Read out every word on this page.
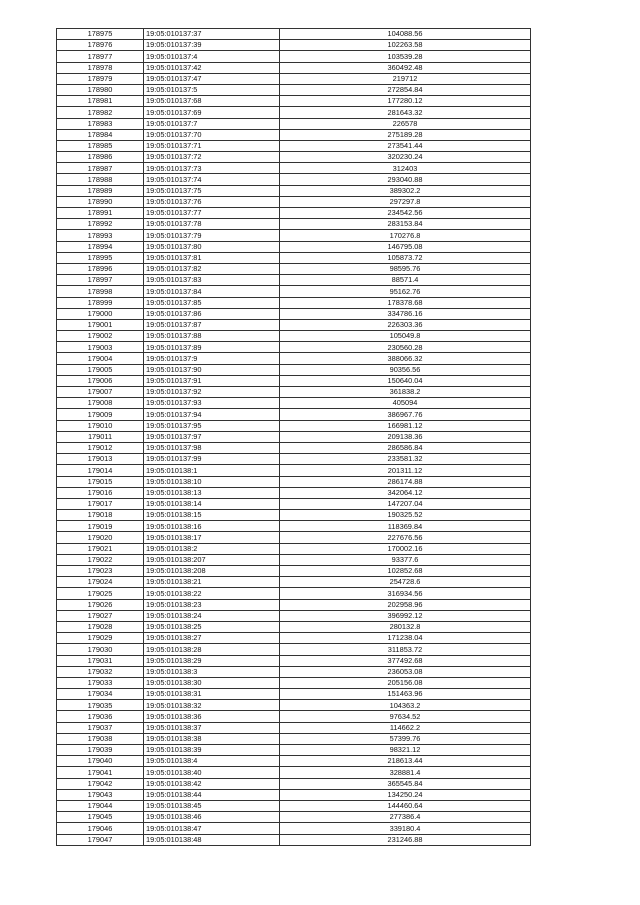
178975	19:05:010137:37	104088.56
178976	19:05:010137:39	102263.58
178977	19:05:010137:4	103539.28
178978	19:05:010137:42	360492.48
178979	19:05:010137:47	219712
178980	19:05:010137:5	272854.84
178981	19:05:010137:68	177280.12
178982	19:05:010137:69	281643.32
178983	19:05:010137:7	226578
178984	19:05:010137:70	275189.28
178985	19:05:010137:71	273541.44
178986	19:05:010137:72	320230.24
178987	19:05:010137:73	312403
178988	19:05:010137:74	293040.88
178989	19:05:010137:75	389302.2
178990	19:05:010137:76	297297.8
178991	19:05:010137:77	234542.56
178992	19:05:010137:78	283153.84
178993	19:05:010137:79	170276.8
178994	19:05:010137:80	146795.08
178995	19:05:010137:81	105873.72
178996	19:05:010137:82	98595.76
178997	19:05:010137:83	88571.4
178998	19:05:010137:84	95162.76
178999	19:05:010137:85	178378.68
179000	19:05:010137:86	334786.16
179001	19:05:010137:87	226303.36
179002	19:05:010137:88	105049.8
179003	19:05:010137:89	230560.28
179004	19:05:010137:9	388066.32
179005	19:05:010137:90	90356.56
179006	19:05:010137:91	150640.04
179007	19:05:010137:92	361838.2
179008	19:05:010137:93	405094
179009	19:05:010137:94	386967.76
179010	19:05:010137:95	166981.12
179011	19:05:010137:97	209138.36
179012	19:05:010137:98	286586.84
179013	19:05:010137:99	233581.32
179014	19:05:010138:1	201311.12
179015	19:05:010138:10	286174.88
179016	19:05:010138:13	342064.12
179017	19:05:010138:14	147207.04
179018	19:05:010138:15	190325.52
179019	19:05:010138:16	118369.84
179020	19:05:010138:17	227676.56
179021	19:05:010138:2	170002.16
179022	19:05:010138:207	93377.6
179023	19:05:010138:208	102852.68
179024	19:05:010138:21	254728.6
179025	19:05:010138:22	316934.56
179026	19:05:010138:23	202958.96
179027	19:05:010138:24	396992.12
179028	19:05:010138:25	280132.8
179029	19:05:010138:27	171238.04
179030	19:05:010138:28	311853.72
179031	19:05:010138:29	377492.68
179032	19:05:010138:3	236053.08
179033	19:05:010138:30	205156.08
179034	19:05:010138:31	151463.96
179035	19:05:010138:32	104363.2
179036	19:05:010138:36	97634.52
179037	19:05:010138:37	114662.2
179038	19:05:010138:38	57399.76
179039	19:05:010138:39	98321.12
179040	19:05:010138:4	218613.44
179041	19:05:010138:40	328881.4
179042	19:05:010138:42	365545.84
179043	19:05:010138:44	134250.24
179044	19:05:010138:45	144460.64
179045	19:05:010138:46	277386.4
179046	19:05:010138:47	339180.4
179047	19:05:010138:48	231246.88
